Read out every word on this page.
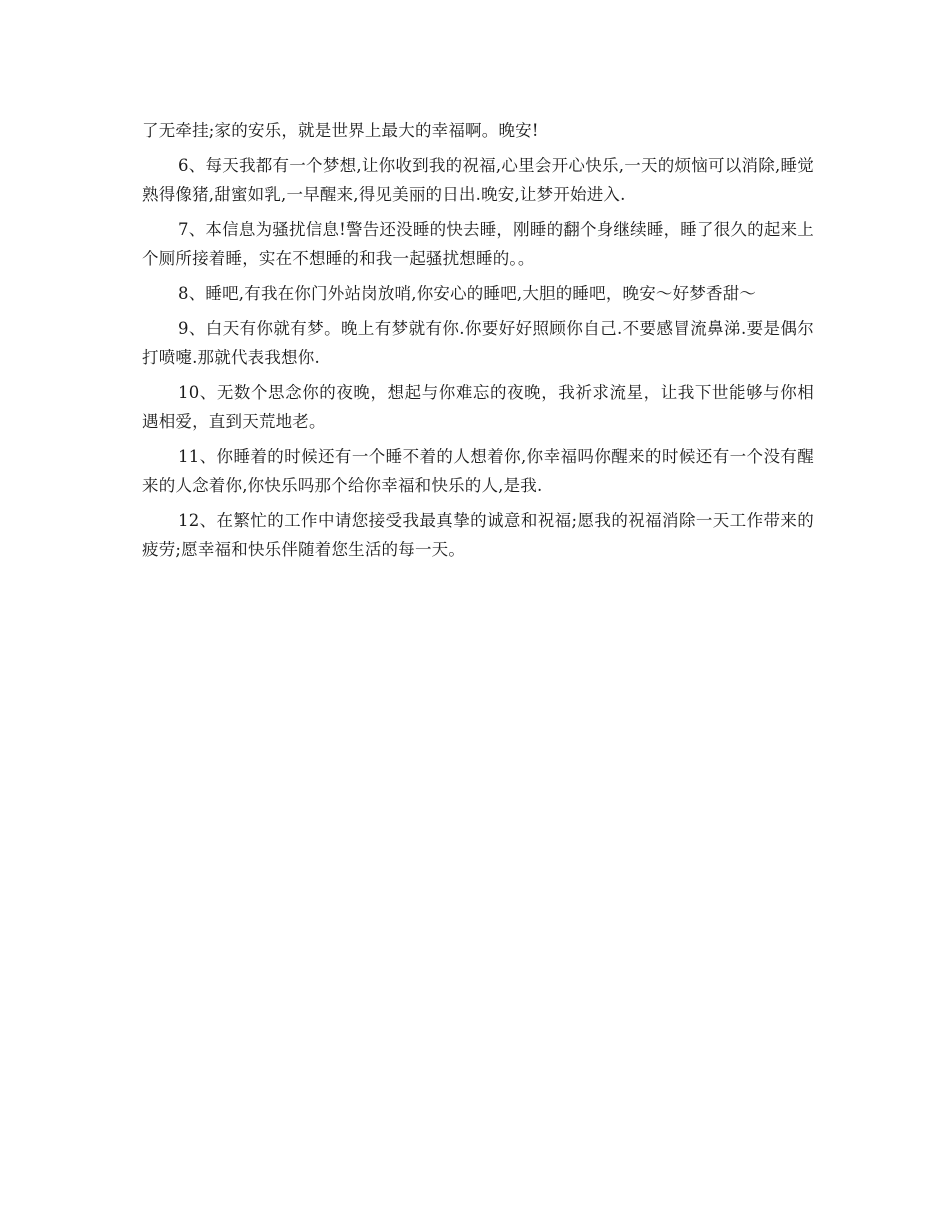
了无牵挂;家的安乐，就是世界上最大的幸福啊。晚安!

6、每天我都有一个梦想,让你收到我的祝福,心里会开心快乐,一天的烦恼可以消除,睡觉熟得像猪,甜蜜如乳,一早醒来,得见美丽的日出.晚安,让梦开始进入.

7、本信息为骚扰信息!警告还没睡的快去睡，刚睡的翻个身继续睡，睡了很久的起来上个厕所接着睡，实在不想睡的和我一起骚扰想睡的。。

8、睡吧,有我在你门外站岗放哨,你安心的睡吧,大胆的睡吧，晚安～好梦香甜～

9、白天有你就有梦。晚上有梦就有你.你要好好照顾你自己.不要感冒流鼻涕.要是偶尔打喷嚏.那就代表我想你.

10、无数个思念你的夜晚，想起与你难忘的夜晚，我祈求流星，让我下世能够与你相遇相爱，直到天荒地老。

11、你睡着的时候还有一个睡不着的人想着你,你幸福吗你醒来的时候还有一个没有醒来的人念着你,你快乐吗那个给你幸福和快乐的人,是我.

12、在繁忙的工作中请您接受我最真挚的诚意和祝福;愿我的祝福消除一天工作带来的疲劳;愿幸福和快乐伴随着您生活的每一天。
